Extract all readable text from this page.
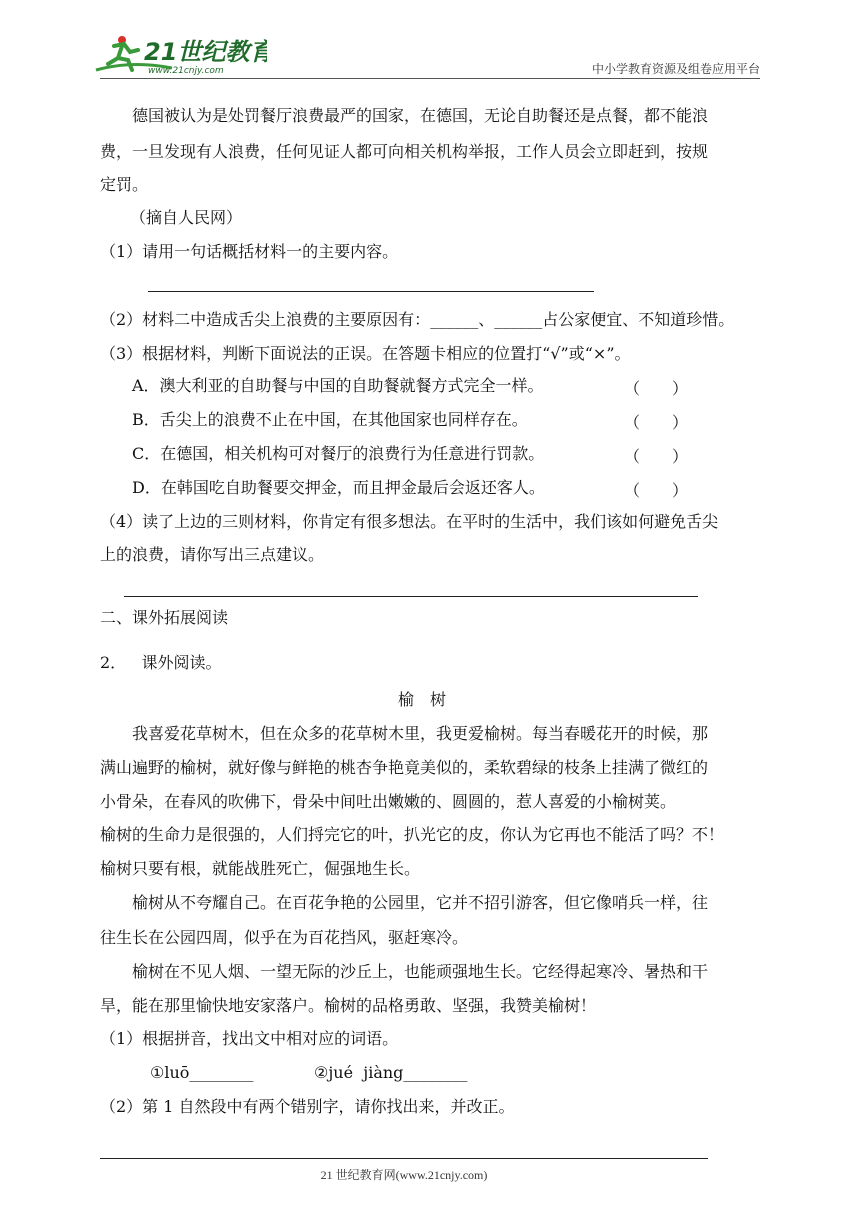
21世纪教育
www.21cnjy.com	中小学教育资源及组卷应用平台
德国被认为是处罚餐厅浪费最严的国家，在德国，无论自助餐还是点餐，都不能浪
费，一旦发现有人浪费，任何见证人都可向相关机构举报，工作人员会立即赶到，按规
定罚。
（摘自人民网）
（1）请用一句话概括材料一的主要内容。
（2）材料二中造成舌尖上浪费的主要原因有：______、______占公家便宜、不知道珍惜。
（3）根据材料，判断下面说法的正误。在答题卡相应的位置打“√”或“×”。
A．澳大利亚的自助餐与中国的自助餐就餐方式完全一样。	（　　）
B．舌尖上的浪费不止在中国，在其他国家也同样存在。	（　　）
C．在德国，相关机构可对餐厅的浪费行为任意进行罚款。	（　　）
D．在韩国吃自助餐要交押金，而且押金最后会返还客人。	（　　）
（4）读了上边的三则材料，你肯定有很多想法。在平时的生活中，我们该如何避免舌尖
上的浪费，请你写出三点建议。
二、课外拓展阅读
2．   课外阅读。
榆　树
我喜爱花草树木，但在众多的花草树木里，我更爱榆树。每当春暖花开的时候，那
满山遍野的榆树，就好像与鲜艳的桃杏争艳竟美似的，柔软碧绿的枝条上挂满了微红的
小骨朵，在春风的吹佛下，骨朵中间吐出嫩嫩的、圆圆的，惹人喜爱的小榆树荚。
榆树的生命力是很强的，人们捋完它的叶，扒光它的皮，你认为它再也不能活了吗？不！
榆树只要有根，就能战胜死亡，倔强地生长。
榆树从不夸耀自己。在百花争艳的公园里，它并不招引游客，但它像哨兵一样，往
往生长在公园四周，似乎在为百花挡风，驱赶寒冷。
榆树在不见人烟、一望无际的沙丘上，也能顽强地生长。它经得起寒冷、暑热和干
旱，能在那里愉快地安家落户。榆树的品格勇敢、坚强，我赞美榆树！
（1）根据拼音，找出文中相对应的词语。
①luō________	②jué  jiàng________
（2）第 1 自然段中有两个错别字，请你找出来，并改正。
21 世纪教育网(www.21cnjy.com)
